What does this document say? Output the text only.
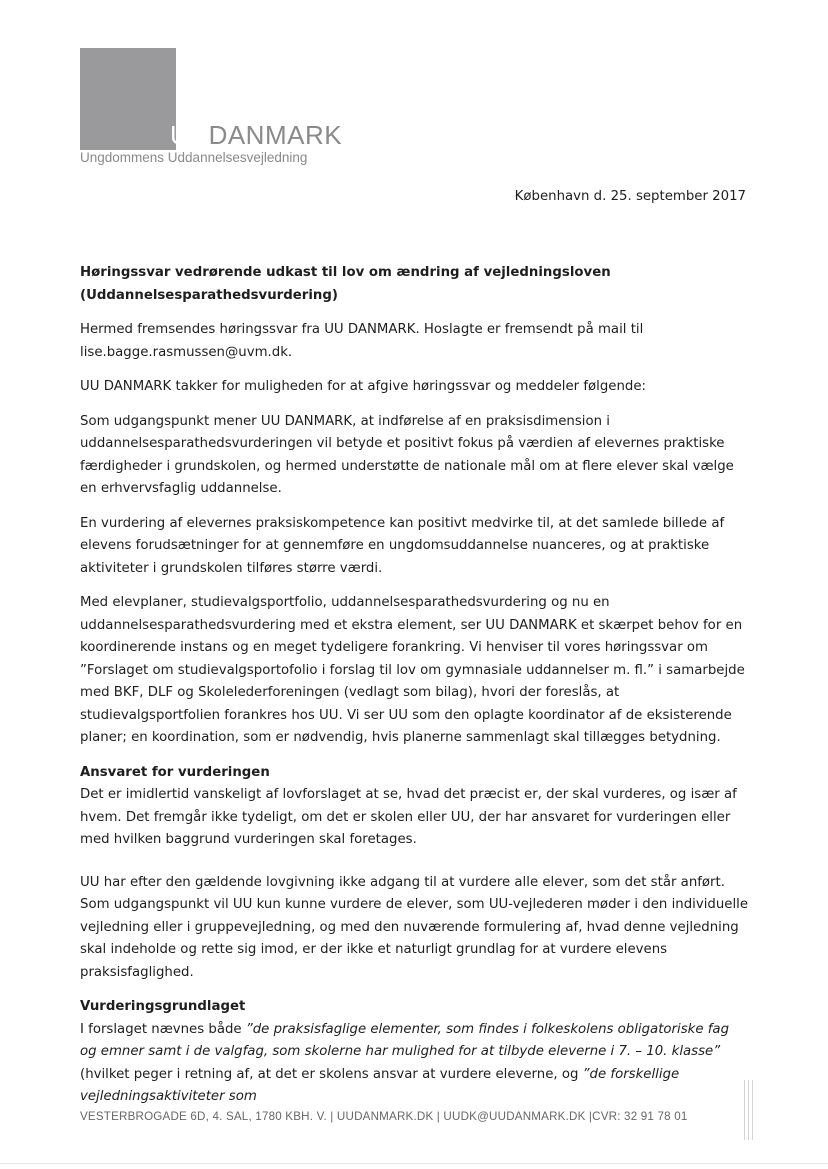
UUDANMARK
Ungdommens Uddannelsesvejledning
København d. 25. september 2017
Høringssvar vedrørende udkast til lov om ændring af vejledningsloven (Uddannelsesparathedsvurdering)

Hermed fremsendes høringssvar fra UU DANMARK. Hoslagte er fremsendt på mail til lise.bagge.rasmussen@uvm.dk.

UU DANMARK takker for muligheden for at afgive høringssvar og meddeler følgende:

Som udgangspunkt mener UU DANMARK, at indførelse af en praksisdimension i uddannelsesparathedsvurderingen vil betyde et positivt fokus på værdien af elevernes praktiske færdigheder i grundskolen, og hermed understøtte de nationale mål om at flere elever skal vælge en erhvervsfaglig uddannelse.

En vurdering af elevernes praksiskompetence kan positivt medvirke til, at det samlede billede af elevens forudsætninger for at gennemføre en ungdomsuddannelse nuanceres, og at praktiske aktiviteter i grundskolen tilføres større værdi.

Med elevplaner, studievalgsportfolio, uddannelsesparathedsvurdering og nu en uddannelsesparathedsvurdering med et ekstra element, ser UU DANMARK et skærpet behov for en koordinerende instans og en meget tydeligere forankring. Vi henviser til vores høringssvar om ”Forslaget om studievalgsportofolio i forslag til lov om gymnasiale uddannelser m. fl.” i samarbejde med BKF, DLF og Skolelederforeningen (vedlagt som bilag), hvori der foreslås, at studievalgsportfolien forankres hos UU. Vi ser UU som den oplagte koordinator af de eksisterende planer; en koordination, som er nødvendig, hvis planerne sammenlagt skal tillægges betydning.

Ansvaret for vurderingen

Det er imidlertid vanskeligt af lovforslaget at se, hvad det præcist er, der skal vurderes, og især af hvem. Det fremgår ikke tydeligt, om det er skolen eller UU, der har ansvaret for vurderingen eller med hvilken baggrund vurderingen skal foretages.

UU har efter den gældende lovgivning ikke adgang til at vurdere alle elever, som det står anført. Som udgangspunkt vil UU kun kunne vurdere de elever, som UU-vejlederen møder i den individuelle vejledning eller i gruppevejledning, og med den nuværende formulering af, hvad denne vejledning skal indeholde og rette sig imod, er der ikke et naturligt grundlag for at vurdere elevens praksisfaglighed.

Vurderingsgrundlaget

I forslaget nævnes både ”de praksisfaglige elementer, som findes i folkeskolens obligatoriske fag og emner samt i de valgfag, som skolerne har mulighed for at tilbyde eleverne i 7. – 10. klasse” (hvilket peger i retning af, at det er skolens ansvar at vurdere eleverne, og ”de forskellige vejledningsaktiviteter som

VESTERBROGADE 6D, 4. SAL, 1780 KBH. V. | UUDANMARK.DK | UUDK@UUDANMARK.DK |CVR: 32 91 78 01
